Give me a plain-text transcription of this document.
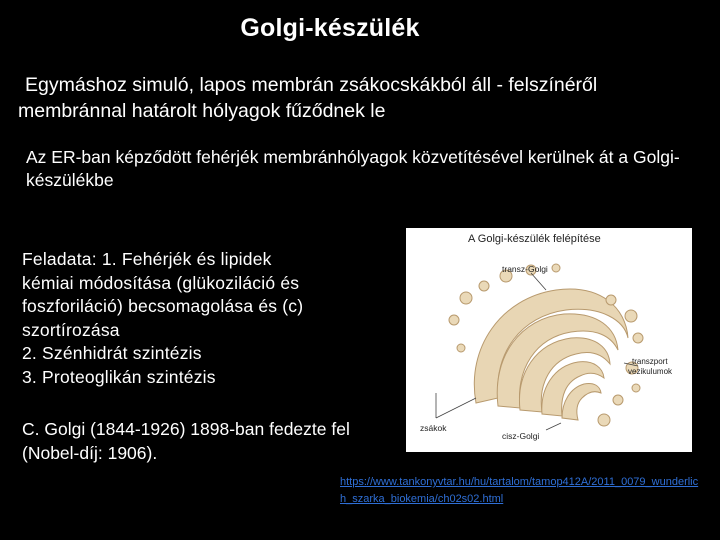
Golgi-készülék
Egymáshoz simuló, lapos membrán zsákocskákból áll - felszínéről membránnal határolt hólyagok fűződnek le
Az ER-ban képződött fehérjék membránhólyagok közvetítésével kerülnek át a Golgi-készülékbe
Feladata: 1. Fehérjék és lipidek
kémiai módosítása (glükoziláció és
foszforiláció) becsomagolása és (c)
szortírozása
2. Szénhidrát szintézis
3. Proteoglikán szintézis
C. Golgi (1844-1926) 1898-ban fedezte fel
(Nobel-díj: 1906).
A Golgi-készülék felépítése
transz-Golgi
transzport
vezikulumok
zsákok
cisz-Golgi
https://www.tankonyvtar.hu/hu/tartalom/tamop412A/2011_0079_wunderlich_szarka_biokemia/ch02s02.html
